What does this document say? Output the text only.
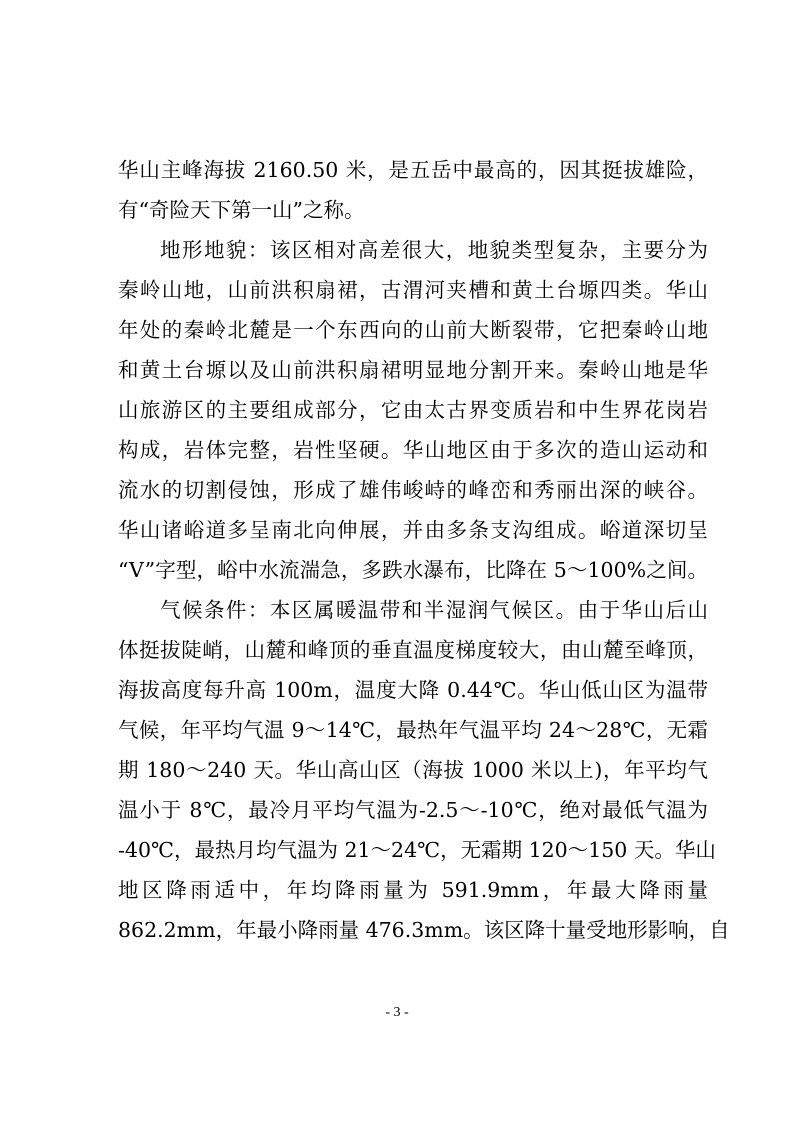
华山主峰海拔 2160.50 米，是五岳中最高的，因其挺拔雄险，
有“奇险天下第一山”之称。
地形地貌：该区相对高差很大，地貌类型复杂，主要分为
秦岭山地，山前洪积扇裙，古渭河夹槽和黄土台塬四类。华山
年处的秦岭北麓是一个东西向的山前大断裂带，它把秦岭山地
和黄土台塬以及山前洪积扇裙明显地分割开来。秦岭山地是华
山旅游区的主要组成部分，它由太古界变质岩和中生界花岗岩
构成，岩体完整，岩性坚硬。华山地区由于多次的造山运动和
流水的切割侵蚀，形成了雄伟峻峙的峰峦和秀丽出深的峡谷。
华山诸峪道多呈南北向伸展，并由多条支沟组成。峪道深切呈
“V”字型，峪中水流湍急，多跌水瀑布，比降在 5～100%之间。
气候条件：本区属暖温带和半湿润气候区。由于华山后山
体挺拔陡峭，山麓和峰顶的垂直温度梯度较大，由山麓至峰顶，
海拔高度每升高 100m，温度大降 0.44℃。华山低山区为温带
气候，年平均气温 9～14℃，最热年气温平均 24～28℃，无霜
期 180～240 天。华山高山区（海拔 1000 米以上)，年平均气
温小于 8℃，最冷月平均气温为-2.5～-10℃，绝对最低气温为
-40℃，最热月均气温为 21～24℃，无霜期 120～150 天。华山
地区降雨适中，年均降雨量为 591.9mm，年最大降雨量
862.2mm，年最小降雨量 476.3mm。该区降十量受地形影响，自
- 3 -
